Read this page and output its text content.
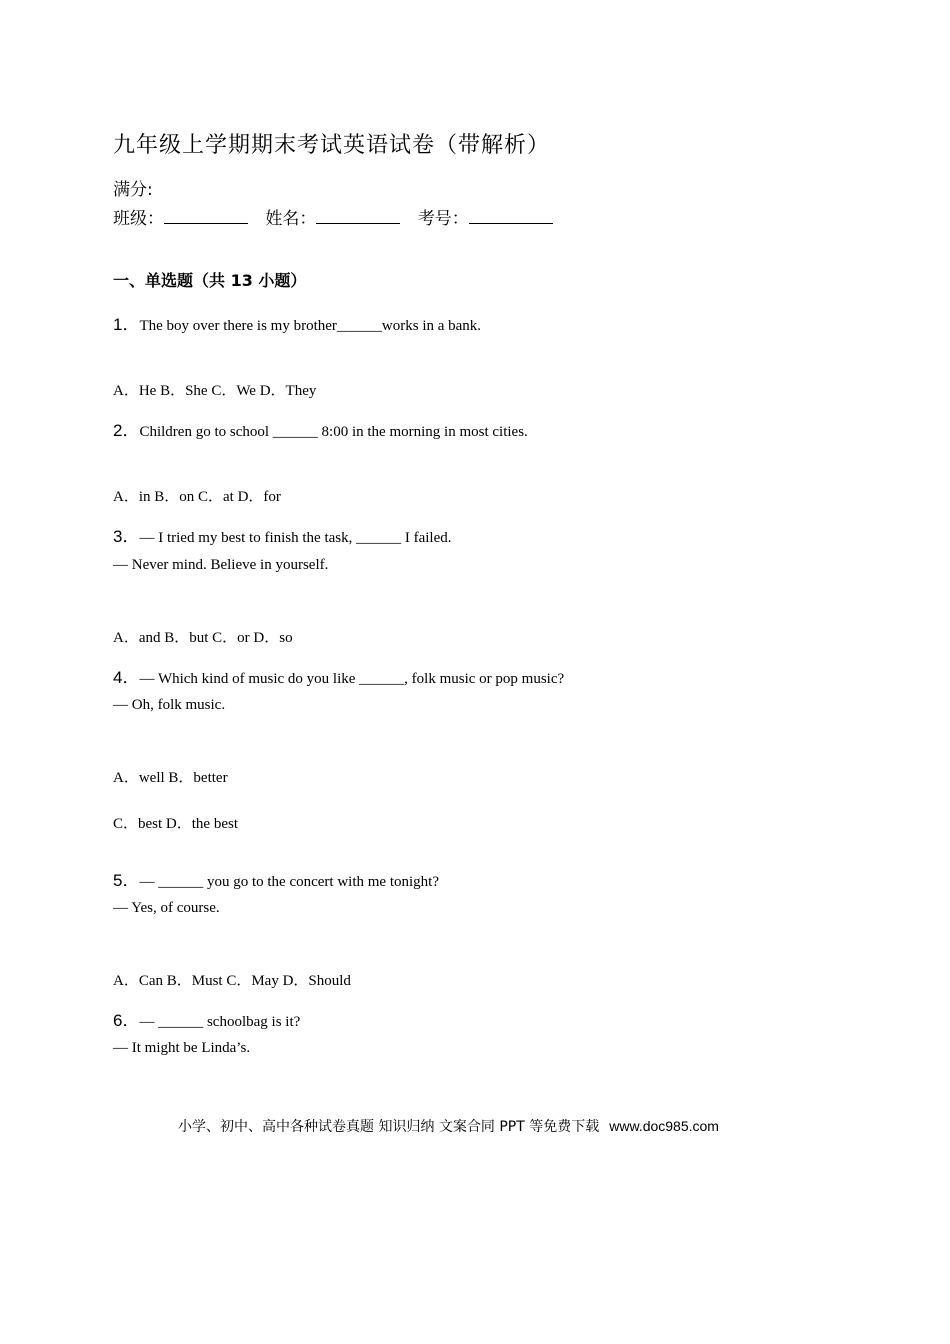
九年级上学期期末考试英语试卷（带解析）
满分:
班级：	姓名：	考号：
一、单选题（共 13 小题）
1．The boy over there is my brother______works in a bank.
A．He B．She C．We D．They
2．Children go to school ______ 8:00 in the morning in most cities.
A．in B．on C．at D．for
3．— I tried my best to finish the task, ______ I failed.
— Never mind. Believe in yourself.
A．and B．but C．or D．so
4．— Which kind of music do you like ______, folk music or pop music?
— Oh, folk music.
A．well B．better
C．best D．the best
5．— ______ you go to the concert with me tonight?
— Yes, of course.
A．Can B．Must C．May D．Should
6．— ______ schoolbag is it?
— It might be Linda’s.
小学、初中、高中各种试卷真题 知识归纳 文案合同 PPT 等免费下载 www.doc985.com
